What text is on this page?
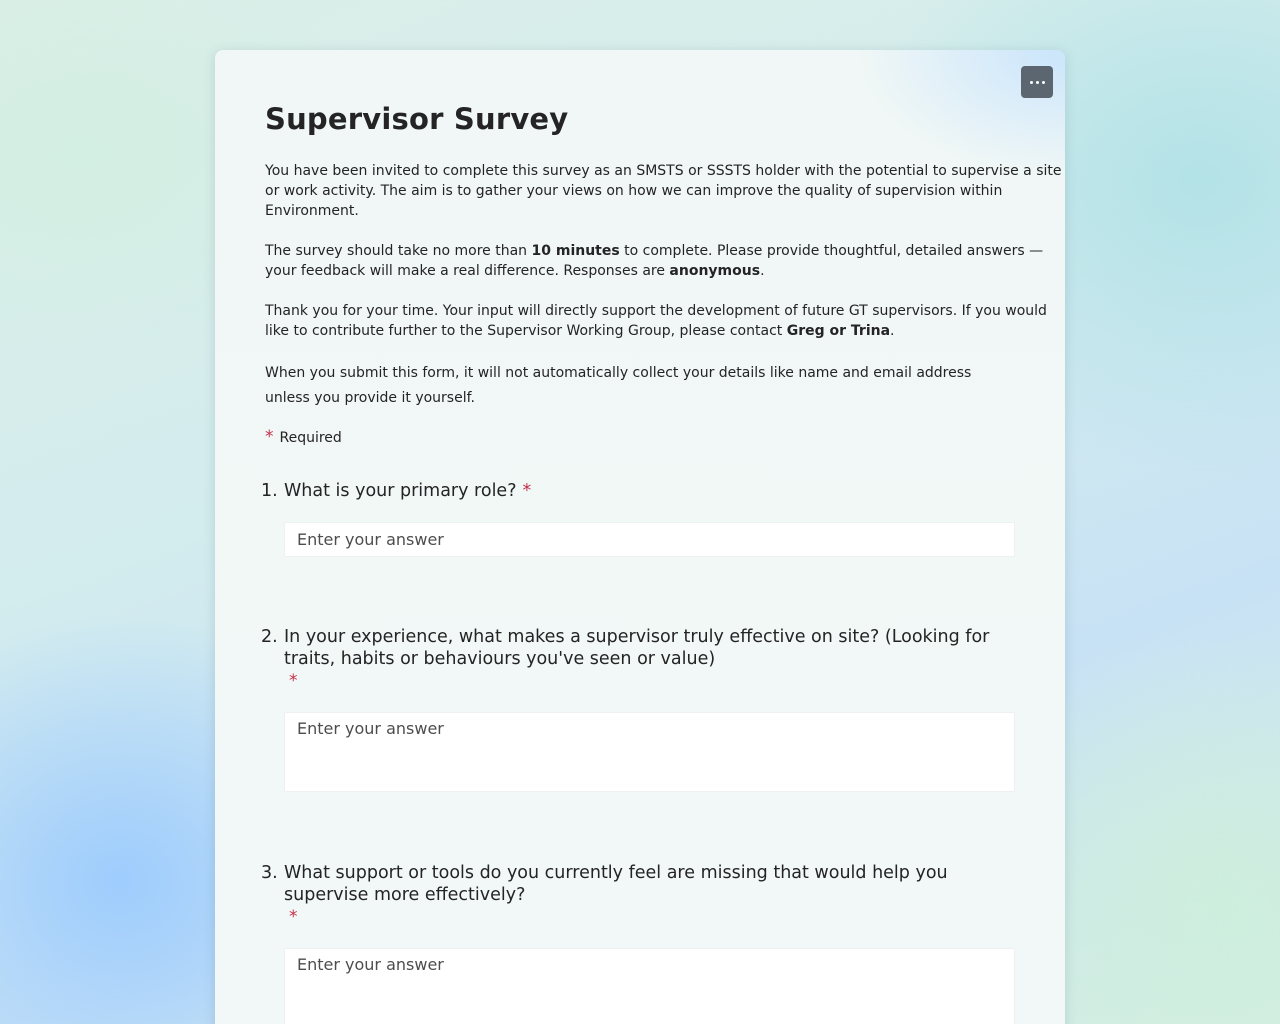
Supervisor Survey

You have been invited to complete this survey as an SMSTS or SSSTS holder with the potential to supervise a site or work activity. The aim is to gather your views on how we can improve the quality of supervision within Environment.

The survey should take no more than 10 minutes to complete. Please provide thoughtful, detailed answers — your feedback will make a real difference. Responses are anonymous.

Thank you for your time. Your input will directly support the development of future GT supervisors. If you would like to contribute further to the Supervisor Working Group, please contact Greg or Trina.

When you submit this form, it will not automatically collect your details like name and email address unless you provide it yourself.
* Required
1. What is your primary role? *
Enter your answer
2. In your experience, what makes a supervisor truly effective on site? (Looking for traits, habits or behaviours you've seen or value)
*
Enter your answer
3. What support or tools do you currently feel are missing that would help you supervise more effectively?
*
Enter your answer
